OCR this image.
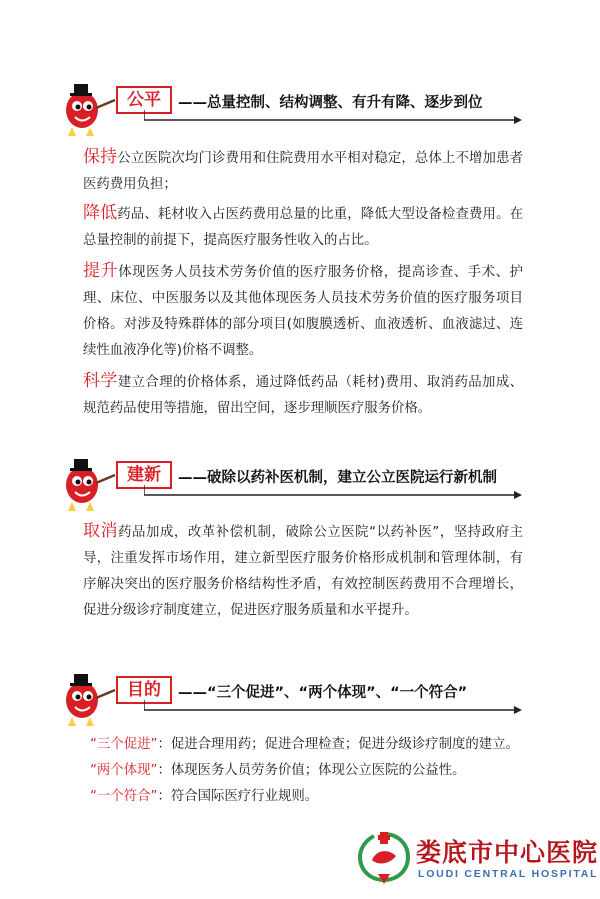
公平	——总量控制、结构调整、有升有降、逐步到位

保持公立医院次均门诊费用和住院费用水平相对稳定，总体上不增加患者医药费用负担；

降低药品、耗材收入占医药费用总量的比重，降低大型设备检查费用。在总量控制的前提下，提高医疗服务性收入的占比。

提升体现医务人员技术劳务价值的医疗服务价格，提高诊查、手术、护理、床位、中医服务以及其他体现医务人员技术劳务价值的医疗服务项目价格。对涉及特殊群体的部分项目(如腹膜透析、血液透析、血液滤过、连续性血液净化等)价格不调整。

科学建立合理的价格体系，通过降低药品（耗材)费用、取消药品加成、规范药品使用等措施，留出空间，逐步理顺医疗服务价格。

建新	——破除以药补医机制，建立公立医院运行新机制

取消药品加成，改革补偿机制，破除公立医院“以药补医”，坚持政府主导，注重发挥市场作用，建立新型医疗服务价格形成机制和管理体制，有序解决突出的医疗服务价格结构性矛盾，有效控制医药费用不合理增长，促进分级诊疗制度建立，促进医疗服务质量和水平提升。

目的	——“三个促进”、“两个体现”、“一个符合”
“三个促进”：促进合理用药；促进合理检查；促进分级诊疗制度的建立。
“两个体现”：体现医务人员劳务价值；体现公立医院的公益性。
“一个符合”：符合国际医疗行业规则。
娄底市中心医院
LOUDI CENTRAL HOSPITAL
